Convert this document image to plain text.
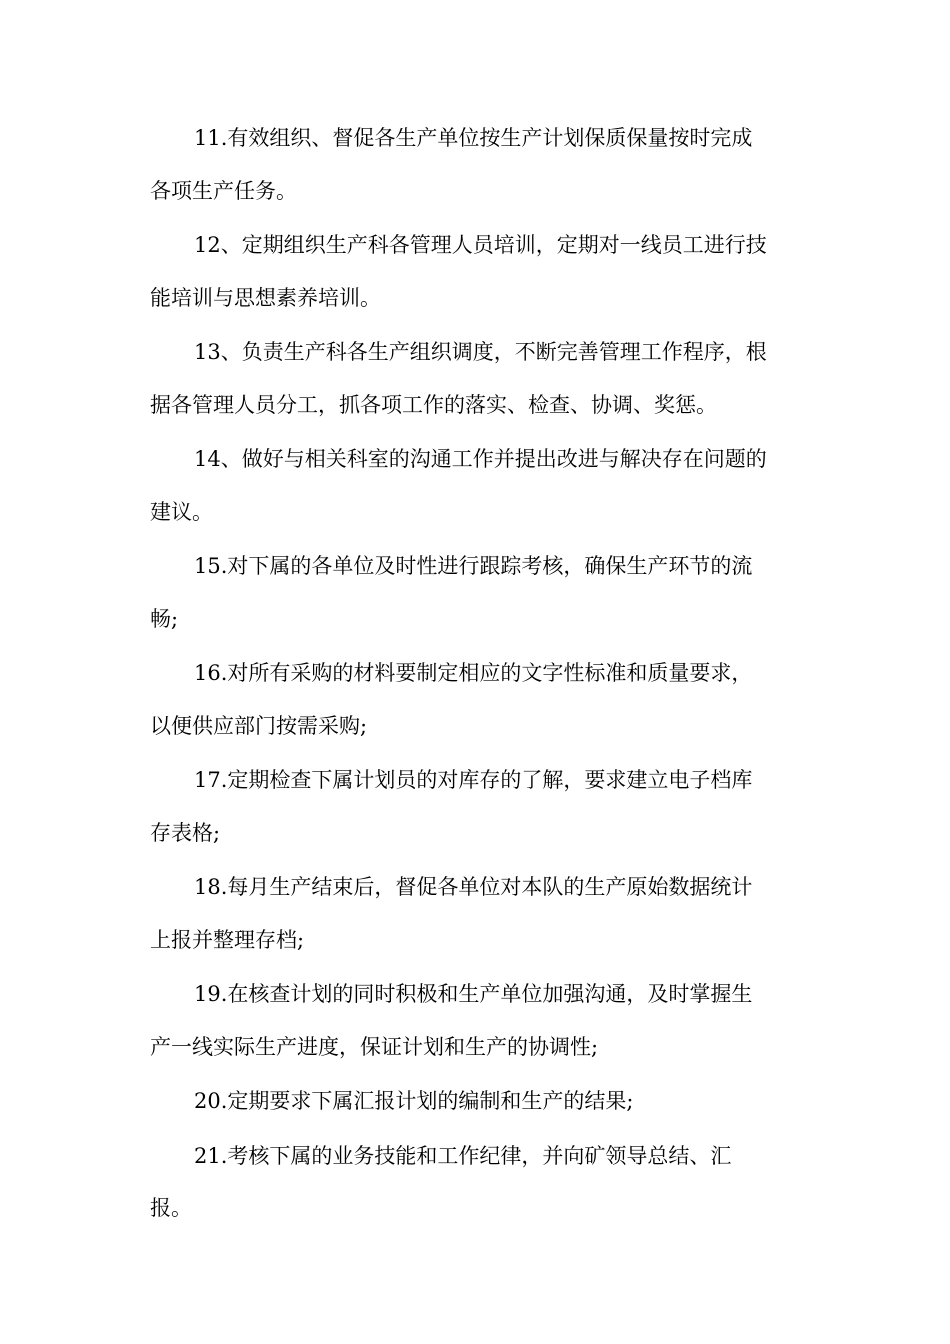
11.有效组织、督促各生产单位按生产计划保质保量按时完成
各项生产任务。

12、定期组织生产科各管理人员培训，定期对一线员工进行技
能培训与思想素养培训。

13、负责生产科各生产组织调度，不断完善管理工作程序，根
据各管理人员分工，抓各项工作的落实、检查、协调、奖惩。

14、做好与相关科室的沟通工作并提出改进与解决存在问题的
建议。

15.对下属的各单位及时性进行跟踪考核，确保生产环节的流
畅;

16.对所有采购的材料要制定相应的文字性标准和质量要求，
以便供应部门按需采购;

17.定期检查下属计划员的对库存的了解，要求建立电子档库
存表格;

18.每月生产结束后，督促各单位对本队的生产原始数据统计
上报并整理存档;

19.在核查计划的同时积极和生产单位加强沟通，及时掌握生
产一线实际生产进度，保证计划和生产的协调性;

20.定期要求下属汇报计划的编制和生产的结果;

21.考核下属的业务技能和工作纪律，并向矿领导总结、汇
报。
